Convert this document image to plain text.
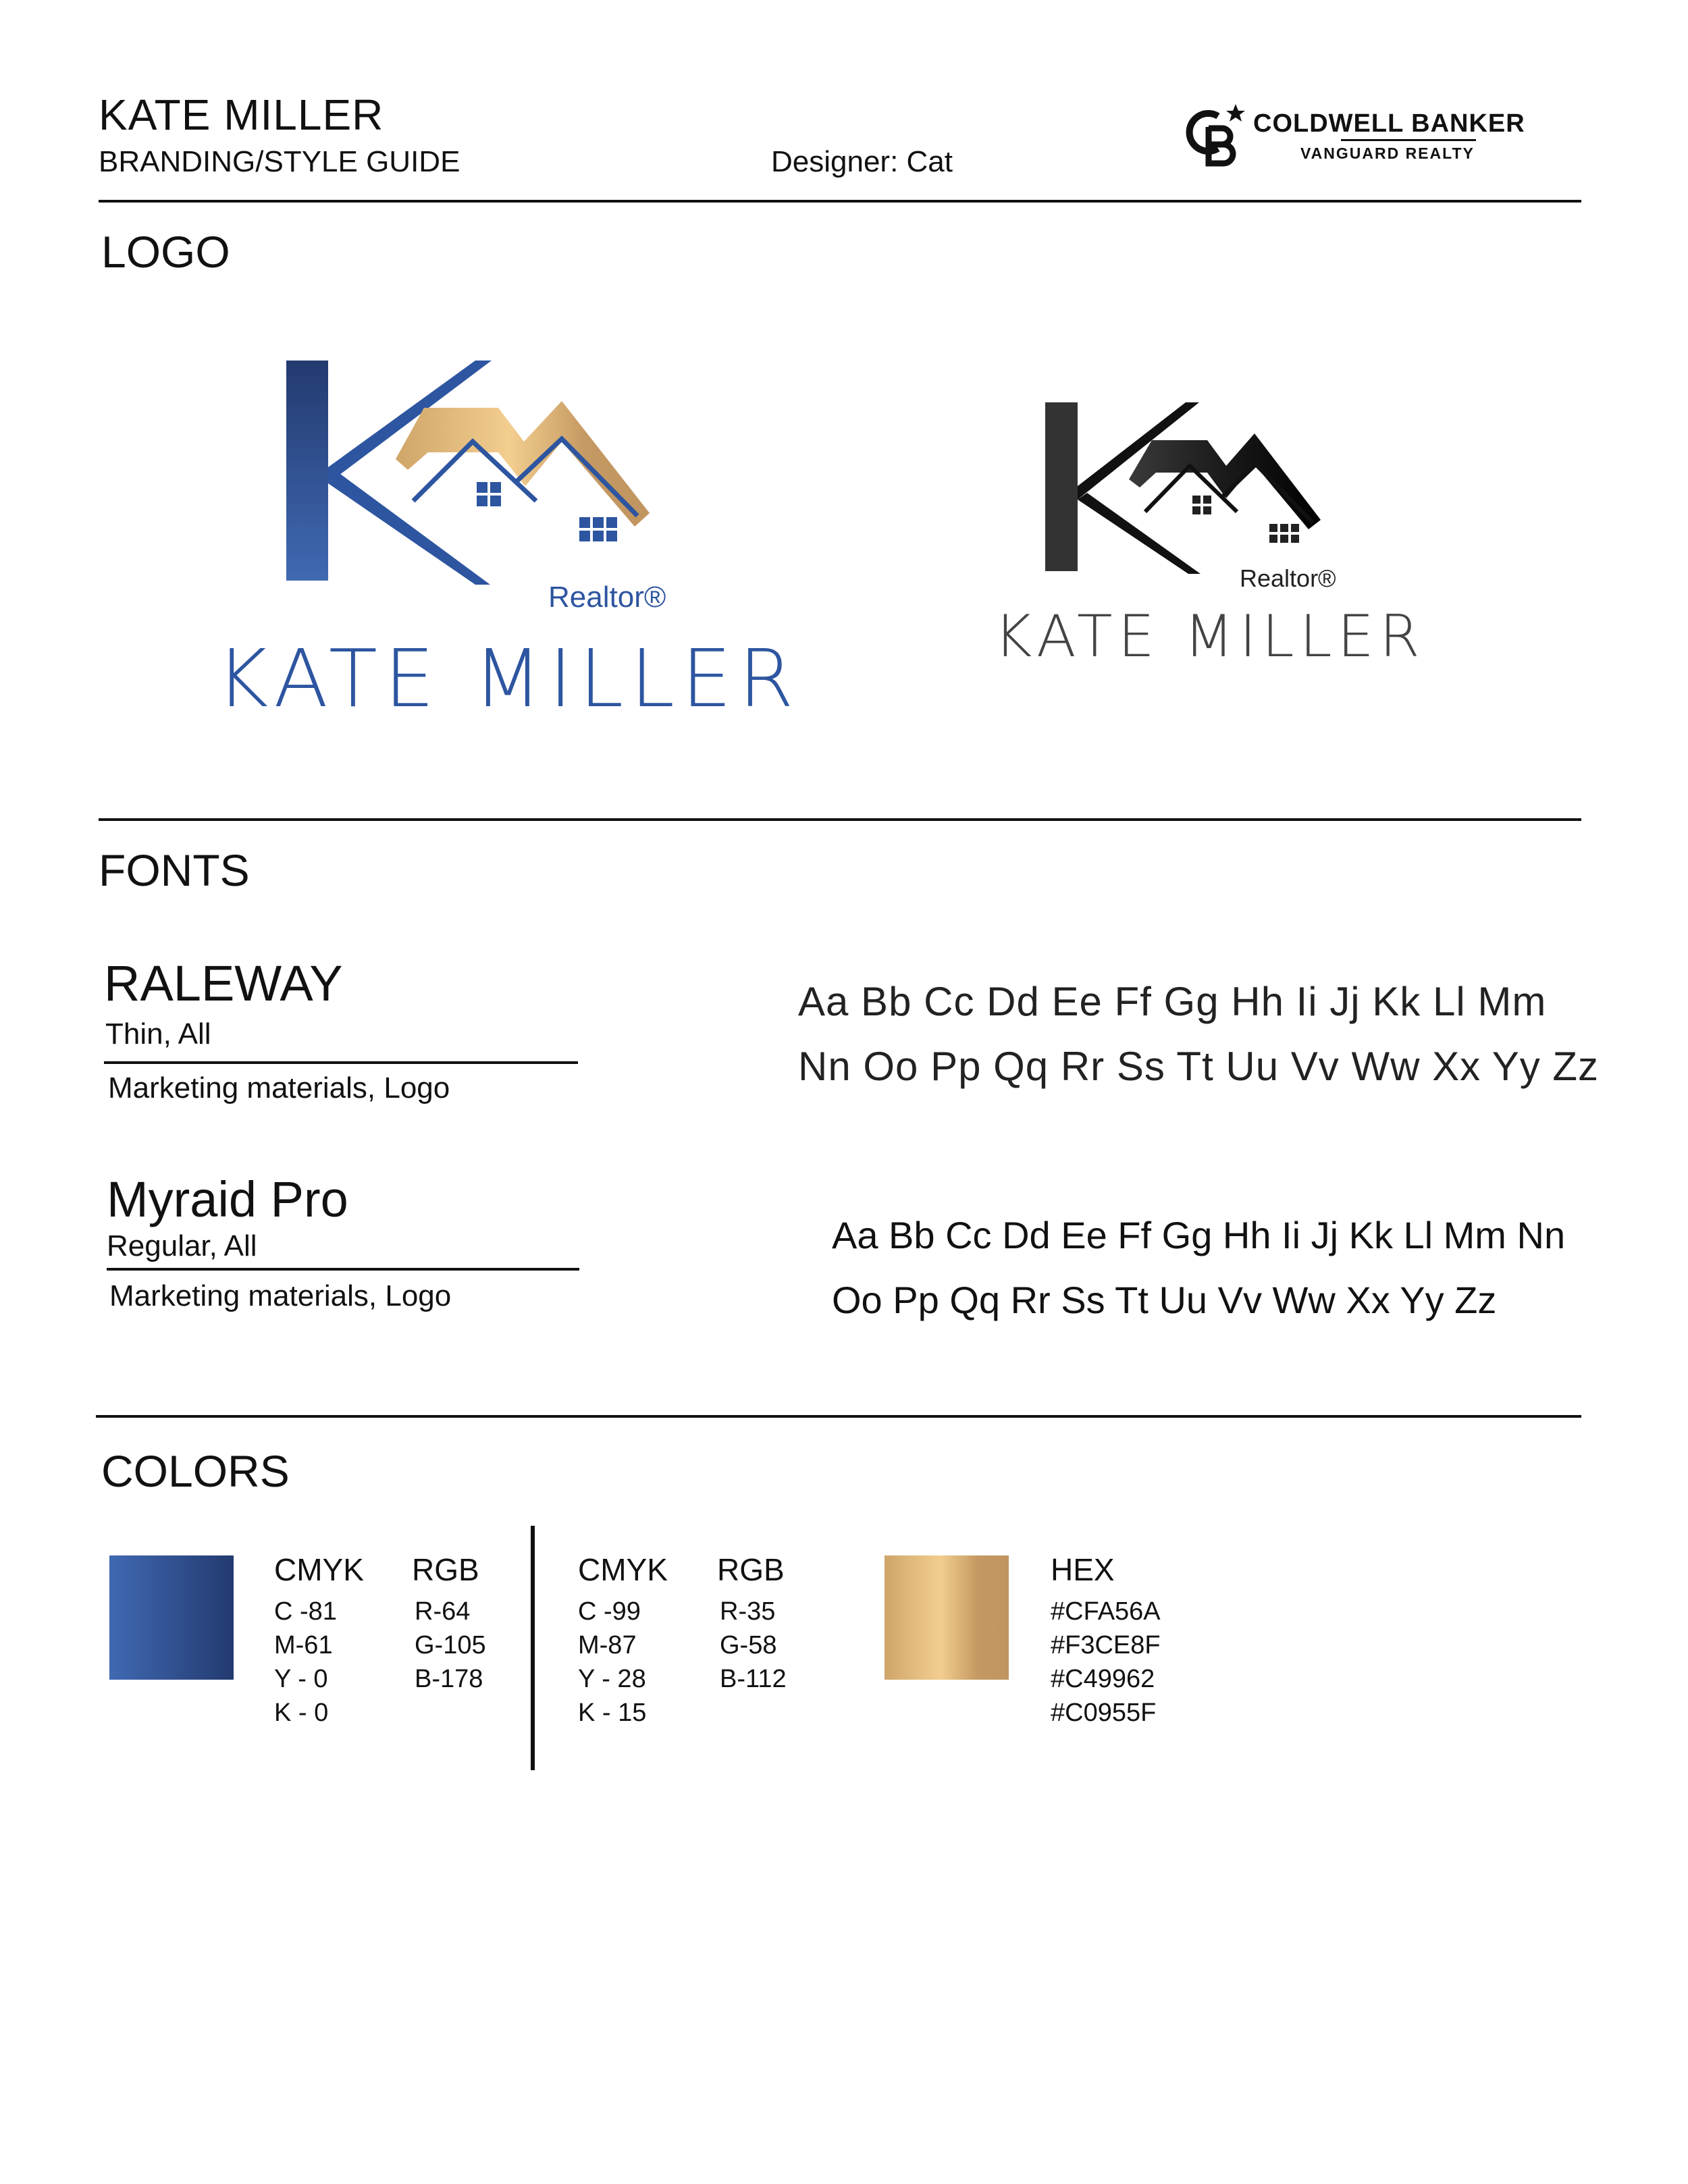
KATE MILLER
BRANDING/STYLE GUIDE	Designer: Cat
COLDWELL BANKER
VANGUARD REALTY
LOGO
Realtor®
KATE MILLER
Realtor®
KATE MILLER
FONTS
RALEWAY
Thin, All
Marketing materials, Logo
Aa Bb Cc Dd Ee Ff Gg Hh Ii Jj Kk Ll Mm
Nn Oo Pp Qq Rr Ss Tt Uu Vv Ww Xx Yy Zz
Myraid Pro
Regular, All
Marketing materials, Logo
Aa Bb Cc Dd Ee Ff Gg Hh Ii Jj Kk Ll Mm Nn
Oo Pp Qq Rr Ss Tt Uu Vv Ww Xx Yy Zz
COLORS
CMYK RGB
C -81
M-61
Y - 0
K - 0
R-64
G-105
B-178
CMYK RGB
C -99
M-87
Y - 28
K - 15
R-35
G-58
B-112
HEX
#CFA56A
#F3CE8F
#C49962
#C0955F
